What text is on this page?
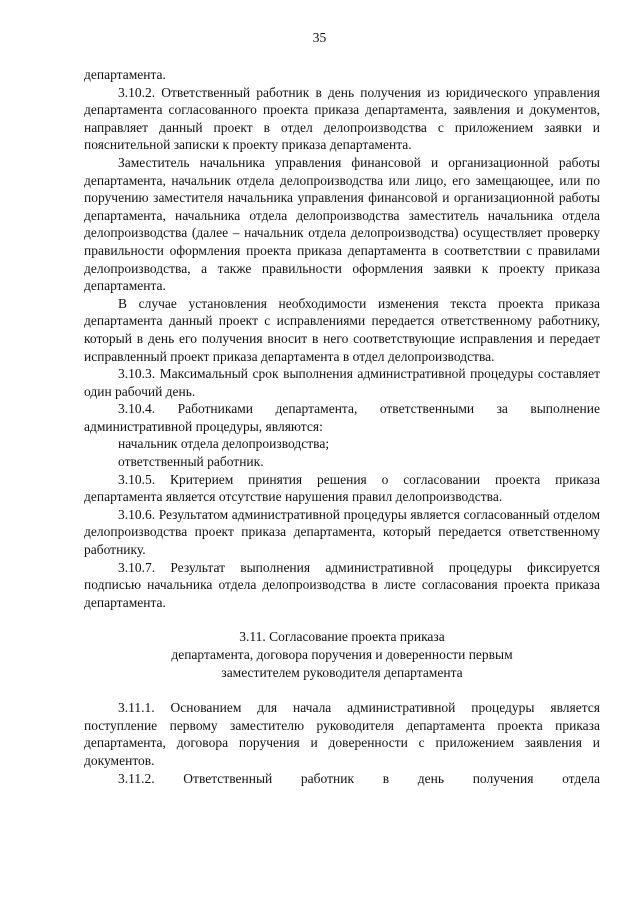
35

департамента.

3.10.2. Ответственный работник в день получения из юридического управления департамента согласованного проекта приказа департамента, заявления и документов, направляет данный проект в отдел делопроизводства с приложением заявки и пояснительной записки к проекту приказа департамента.

Заместитель начальника управления финансовой и организационной работы департамента, начальник отдела делопроизводства или лицо, его замещающее, или по поручению заместителя начальника управления финансовой и организационной работы департамента, начальника отдела делопроизводства заместитель начальника отдела делопроизводства (далее – начальник отдела делопроизводства) осуществляет проверку правильности оформления проекта приказа департамента в соответствии с правилами делопроизводства, а также правильности оформления заявки к проекту приказа департамента.

В случае установления необходимости изменения текста проекта приказа департамента данный проект с исправлениями передается ответственному работнику, который в день его получения вносит в него соответствующие исправления и передает исправленный проект приказа департамента в отдел делопроизводства.

3.10.3. Максимальный срок выполнения административной процедуры составляет один рабочий день.

3.10.4. Работниками департамента, ответственными за выполнение административной процедуры, являются:

начальник отдела делопроизводства;

ответственный работник.

3.10.5. Критерием принятия решения о согласовании проекта приказа департамента является отсутствие нарушения правил делопроизводства.

3.10.6. Результатом административной процедуры является согласованный отделом делопроизводства проект приказа департамента, который передается ответственному работнику.

3.10.7. Результат выполнения административной процедуры фиксируется подписью начальника отдела делопроизводства в листе согласования проекта приказа департамента.

3.11. Согласование проекта приказа
департамента, договора поручения и доверенности первым
заместителем руководителя департамента

3.11.1. Основанием для начала административной процедуры является поступление первому заместителю руководителя департамента проекта приказа департамента, договора поручения и доверенности с приложением заявления и документов.

3.11.2. Ответственный работник в день получения отдела
